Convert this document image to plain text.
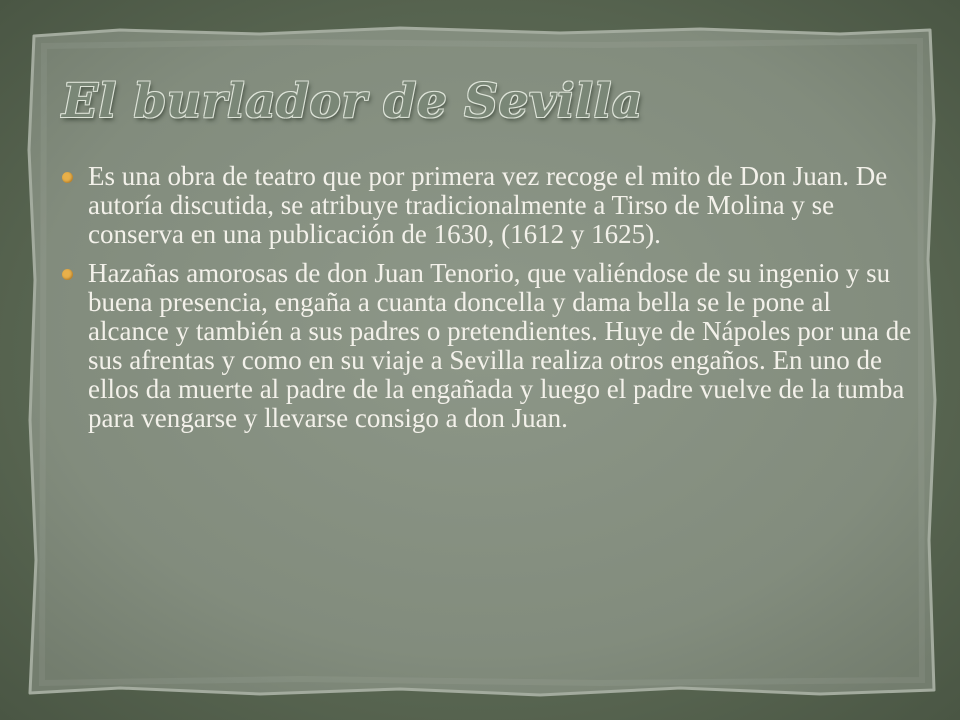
El burlador de Sevilla
Es una obra de teatro que por primera vez recoge el mito de Don Juan. De autoría discutida, se atribuye tradicionalmente a Tirso de Molina y se conserva en una publicación de 1630, (1612 y 1625).
Hazañas amorosas de don Juan Tenorio, que valiéndose de su ingenio y su buena presencia, engaña a cuanta doncella y dama bella se le pone al alcance y también a sus padres o pretendientes. Huye de Nápoles por una de sus afrentas y como en su viaje a Sevilla realiza otros engaños. En uno de ellos da muerte al padre de la engañada y luego el padre vuelve de la tumba para vengarse y llevarse consigo a don Juan.
